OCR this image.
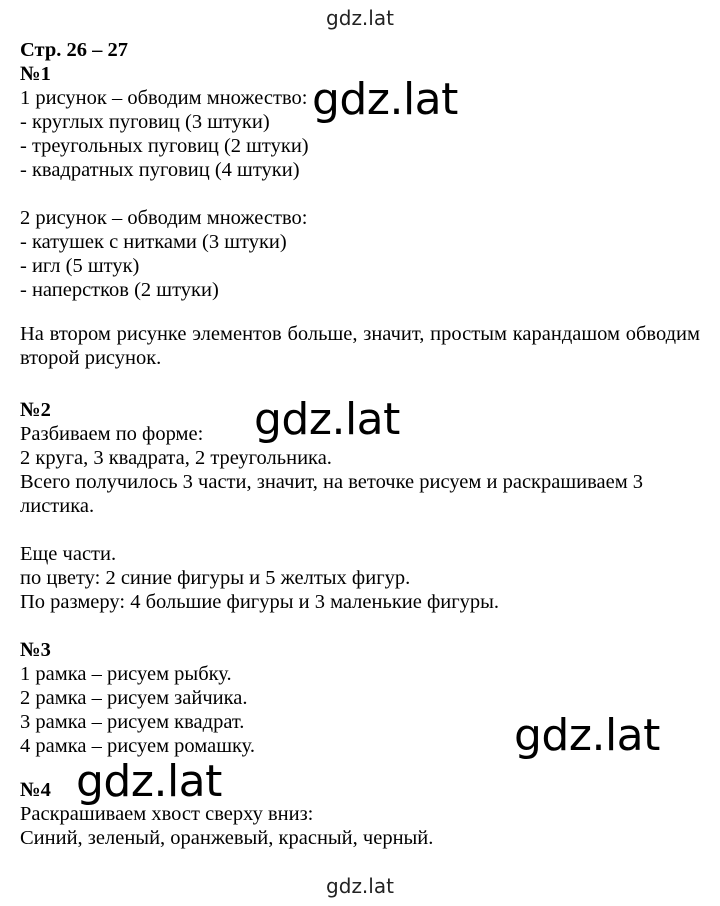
gdz.lat
Стр. 26 – 27
№1
1 рисунок – обводим множество:
- круглых пуговиц (3 штуки)
- треугольных пуговиц (2 штуки)
- квадратных пуговиц (4 штуки)
2 рисунок – обводим множество:
- катушек с нитками (3 штуки)
- игл (5 штук)
- наперстков (2 штуки)
На втором рисунке элементов больше, значит, простым карандашом обводим второй рисунок.
№2
Разбиваем по форме:
2 круга, 3 квадрата, 2 треугольника.
Всего получилось 3 части, значит, на веточке рисуем и раскрашиваем 3
листика.
Еще части.
по цвету: 2 синие фигуры и 5 желтых фигур.
По размеру: 4 большие фигуры и 3 маленькие фигуры.
№3
1 рамка – рисуем рыбку.
2 рамка – рисуем зайчика.
3 рамка – рисуем квадрат.
4 рамка – рисуем ромашку.
№4
Раскрашиваем хвост сверху вниз:
Синий, зеленый, оранжевый, красный, черный.
gdz.lat
gdz.lat
gdz.lat
gdz.lat
gdz.lat
